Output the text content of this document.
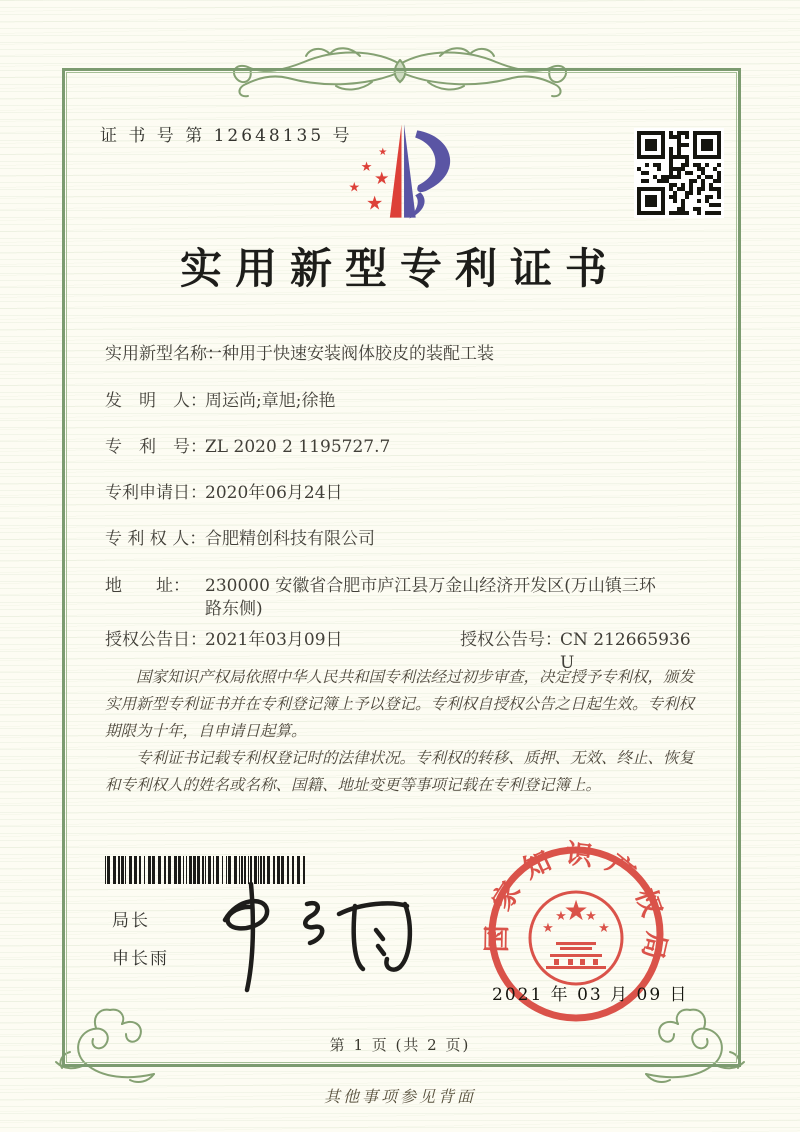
证 书 号 第 12648135 号
★
★
★
★
★
实用新型专利证书
实用新型名称：
一种用于快速安装阀体胶皮的装配工装
发　明　人：
周运尚;章旭;徐艳
专　利　号：
ZL 2020 2 1195727.7
专利申请日：
2020年06月24日
专 利 权 人：
合肥精创科技有限公司
地　　址： 230000 安徽省合肥市庐江县万金山经济开发区(万山镇三环路东侧)
授权公告日：
2021年03月09日	授权公告号：
CN 212665936 U

国家知识产权局依照中华人民共和国专利法经过初步审查，决定授予专利权，颁发实用新型专利证书并在专利登记簿上予以登记。专利权自授权公告之日起生效。专利权期限为十年，自申请日起算。

专利证书记载专利权登记时的法律状况。专利权的转移、质押、无效、终止、恢复和专利权人的姓名或名称、国籍、地址变更等事项记载在专利登记簿上。

局长
申长雨
国家知识产权局
★
★
★ ★
★
2021 年 03 月 09 日
第 1 页 (共 2 页)
其他事项参见背面
